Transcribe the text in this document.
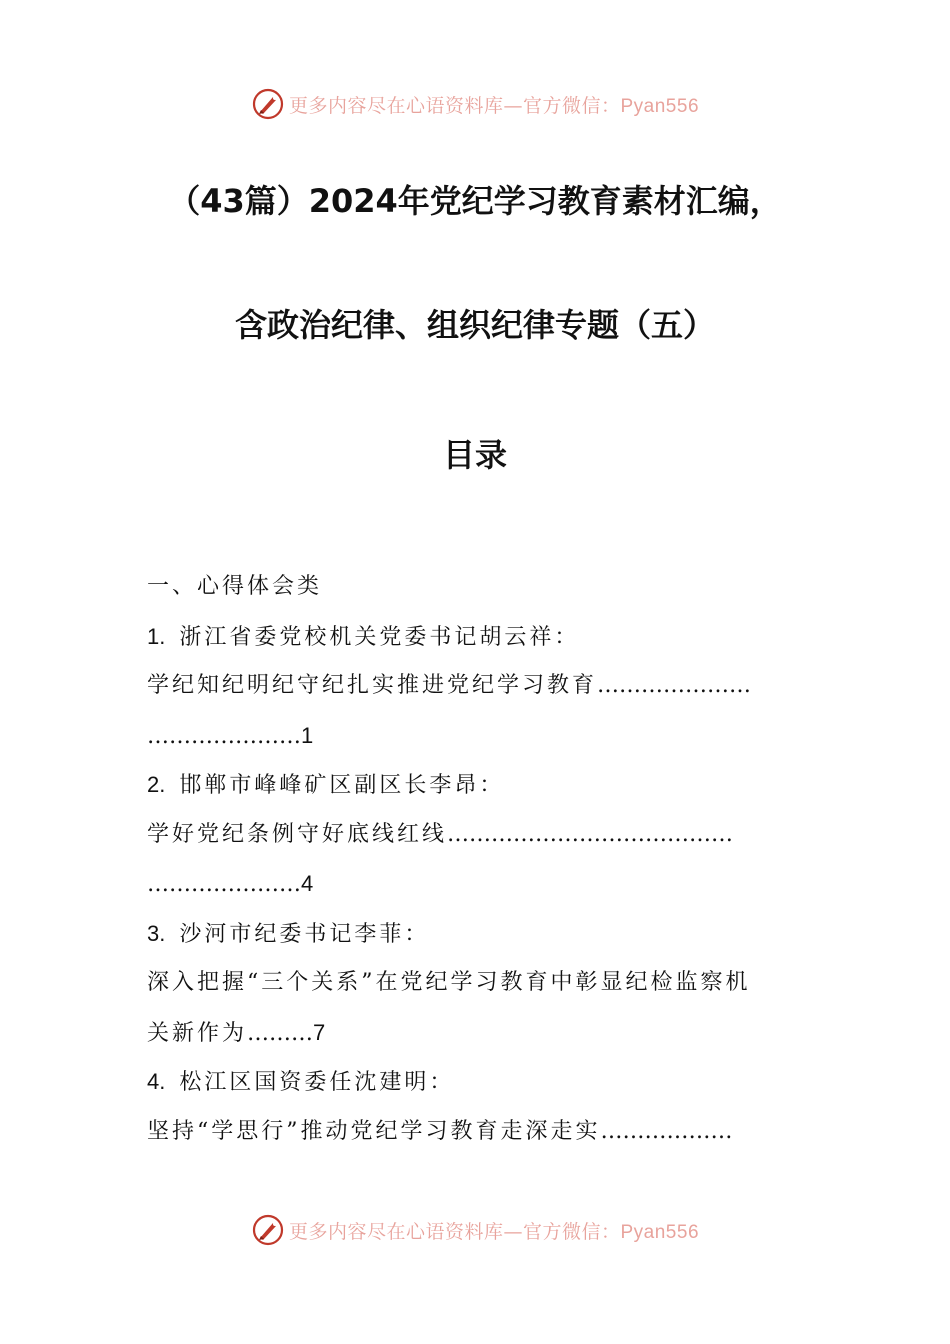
更多内容尽在心语资料库—官方微信：Pyan556
（43篇）2024年党纪学习教育素材汇编，
含政治纪律、组织纪律专题（五）
目录
一、心得体会类
1. 浙江省委党校机关党委书记胡云祥：
学纪知纪明纪守纪扎实推进党纪学习教育…………………
…………………1
2. 邯郸市峰峰矿区副区长李昂：
学好党纪条例守好底线红线…………………………………
…………………4
3. 沙河市纪委书记李菲：
深入把握“三个关系”在党纪学习教育中彰显纪检监察机
关新作为………7
4. 松江区国资委任沈建明：
坚持“学思行”推动党纪学习教育走深走实………………
更多内容尽在心语资料库—官方微信：Pyan556
